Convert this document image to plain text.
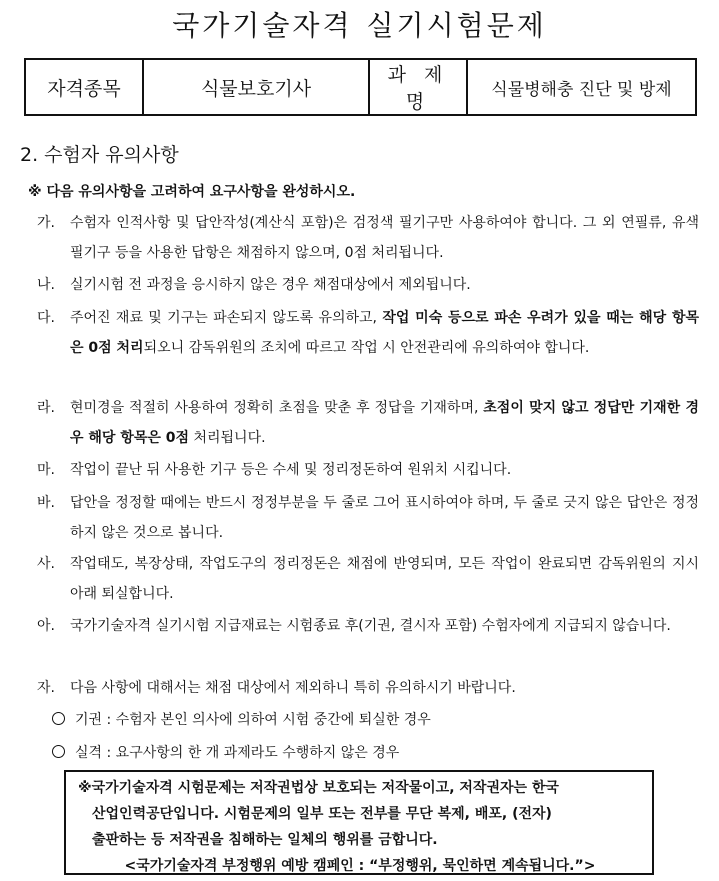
국가기술자격 실기시험문제
자격종목	식물보호기사	과 제 명	식물병해충 진단 및 방제
2. 수험자 유의사항
※ 다음 유의사항을 고려하여 요구사항을 완성하시오.
가. 수험자 인적사항 및 답안작성(계산식 포함)은 검정색 필기구만 사용하여야 합니다. 그 외 연필류, 유색 필기구 등을 사용한 답항은 채점하지 않으며, 0점 처리됩니다.
나. 실기시험 전 과정을 응시하지 않은 경우 채점대상에서 제외됩니다.
다. 주어진 재료 및 기구는 파손되지 않도록 유의하고, 작업 미숙 등으로 파손 우려가 있을 때는 해당 항목은 0점 처리되오니 감독위원의 조치에 따르고 작업 시 안전관리에 유의하여야 합니다.
라. 현미경을 적절히 사용하여 정확히 초점을 맞춘 후 정답을 기재하며, 초점이 맞지 않고 정답만 기재한 경우 해당 항목은 0점 처리됩니다.
마. 작업이 끝난 뒤 사용한 기구 등은 수세 및 정리정돈하여 원위치 시킵니다.
바. 답안을 정정할 때에는 반드시 정정부분을 두 줄로 그어 표시하여야 하며, 두 줄로 긋지 않은 답안은 정정하지 않은 것으로 봅니다.
사. 작업태도, 복장상태, 작업도구의 정리정돈은 채점에 반영되며, 모든 작업이 완료되면 감독위원의 지시 아래 퇴실합니다.
아. 국가기술자격 실기시험 지급재료는 시험종료 후(기권, 결시자 포함) 수험자에게 지급되지 않습니다.
자. 다음 사항에 대해서는 채점 대상에서 제외하니 특히 유의하시기 바랍니다.
기권 : 수험자 본인 의사에 의하여 시험 중간에 퇴실한 경우
실격 : 요구사항의 한 개 과제라도 수행하지 않은 경우
※국가기술자격 시험문제는 저작권법상 보호되는 저작물이고, 저작권자는 한국
산업인력공단입니다. 시험문제의 일부 또는 전부를 무단 복제, 배포, (전자)
출판하는 등 저작권을 침해하는 일체의 행위를 금합니다.
<국가기술자격 부정행위 예방 캠페인 : “부정행위, 묵인하면 계속됩니다.”>
